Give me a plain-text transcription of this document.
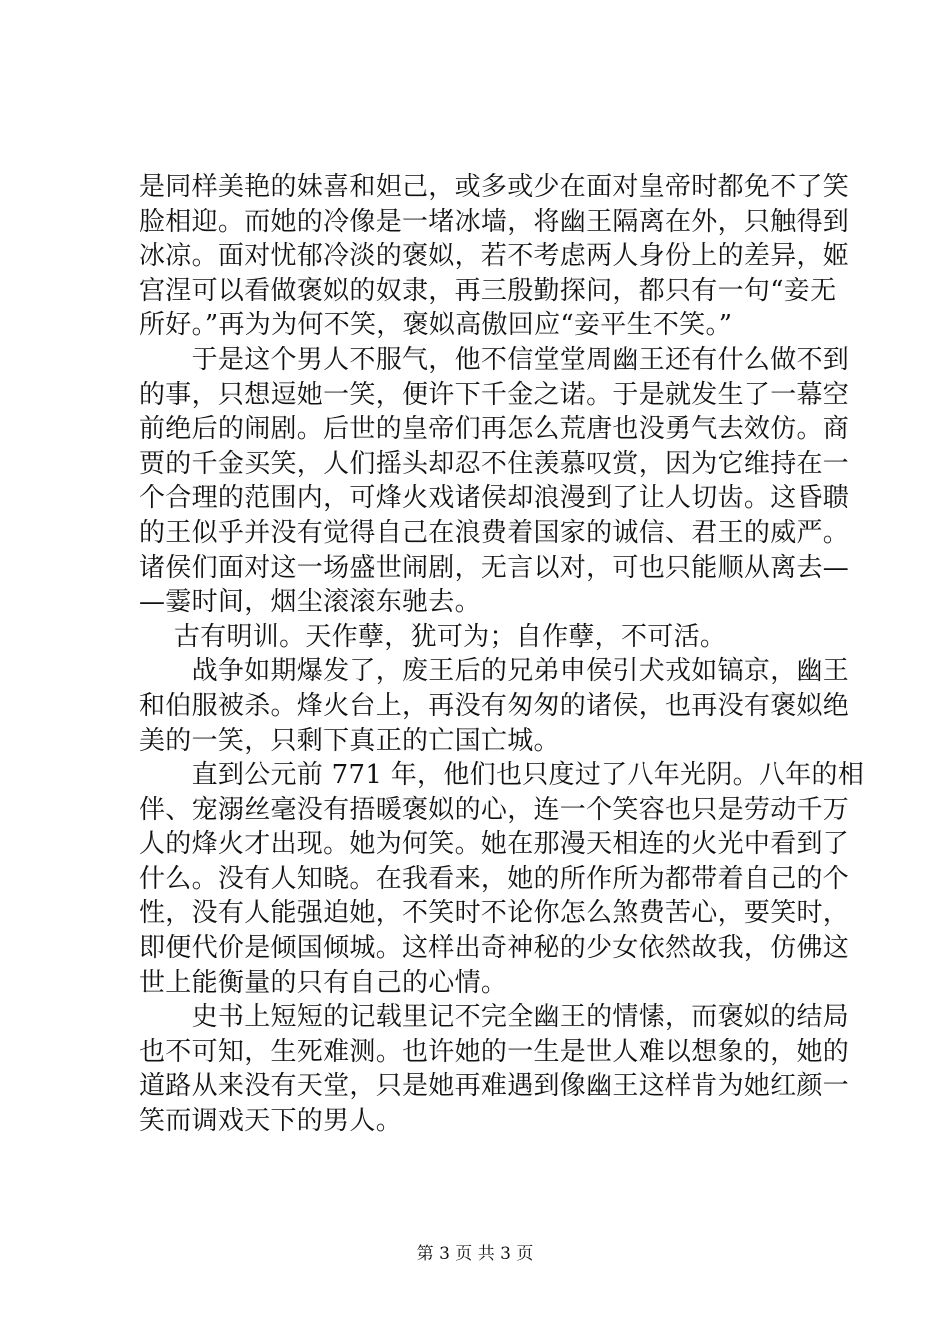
是同样美艳的妹喜和妲己，或多或少在面对皇帝时都免不了笑
脸相迎。而她的冷像是一堵冰墙，将幽王隔离在外，只触得到
冰凉。面对忧郁冷淡的褒姒，若不考虑两人身份上的差异，姬
宫涅可以看做褒姒的奴隶，再三殷勤探问，都只有一句“妾无
所好。”再为为何不笑，褒姒高傲回应“妾平生不笑。”
　　于是这个男人不服气，他不信堂堂周幽王还有什么做不到
的事，只想逗她一笑，便许下千金之诺。于是就发生了一幕空
前绝后的闹剧。后世的皇帝们再怎么荒唐也没勇气去效仿。商
贾的千金买笑，人们摇头却忍不住羡慕叹赏，因为它维持在一
个合理的范围内，可烽火戏诸侯却浪漫到了让人切齿。这昏聩
的王似乎并没有觉得自己在浪费着国家的诚信、君王的威严。
诸侯们面对这一场盛世闹剧，无言以对，可也只能顺从离去—
—霎时间，烟尘滚滚东驰去。
　 古有明训。天作孽，犹可为；自作孽，不可活。
　　战争如期爆发了，废王后的兄弟申侯引犬戎如镐京，幽王
和伯服被杀。烽火台上，再没有匆匆的诸侯，也再没有褒姒绝
美的一笑，只剩下真正的亡国亡城。
　　直到公元前 771 年，他们也只度过了八年光阴。八年的相
伴、宠溺丝毫没有捂暖褒姒的心，连一个笑容也只是劳动千万
人的烽火才出现。她为何笑。她在那漫天相连的火光中看到了
什么。没有人知晓。在我看来，她的所作所为都带着自己的个
性，没有人能强迫她，不笑时不论你怎么煞费苦心，要笑时，
即便代价是倾国倾城。这样出奇神秘的少女依然故我，仿佛这
世上能衡量的只有自己的心情。
　　史书上短短的记载里记不完全幽王的情愫，而褒姒的结局
也不可知，生死难测。也许她的一生是世人难以想象的，她的
道路从来没有天堂，只是她再难遇到像幽王这样肯为她红颜一
笑而调戏天下的男人。
第 3 页 共 3 页
